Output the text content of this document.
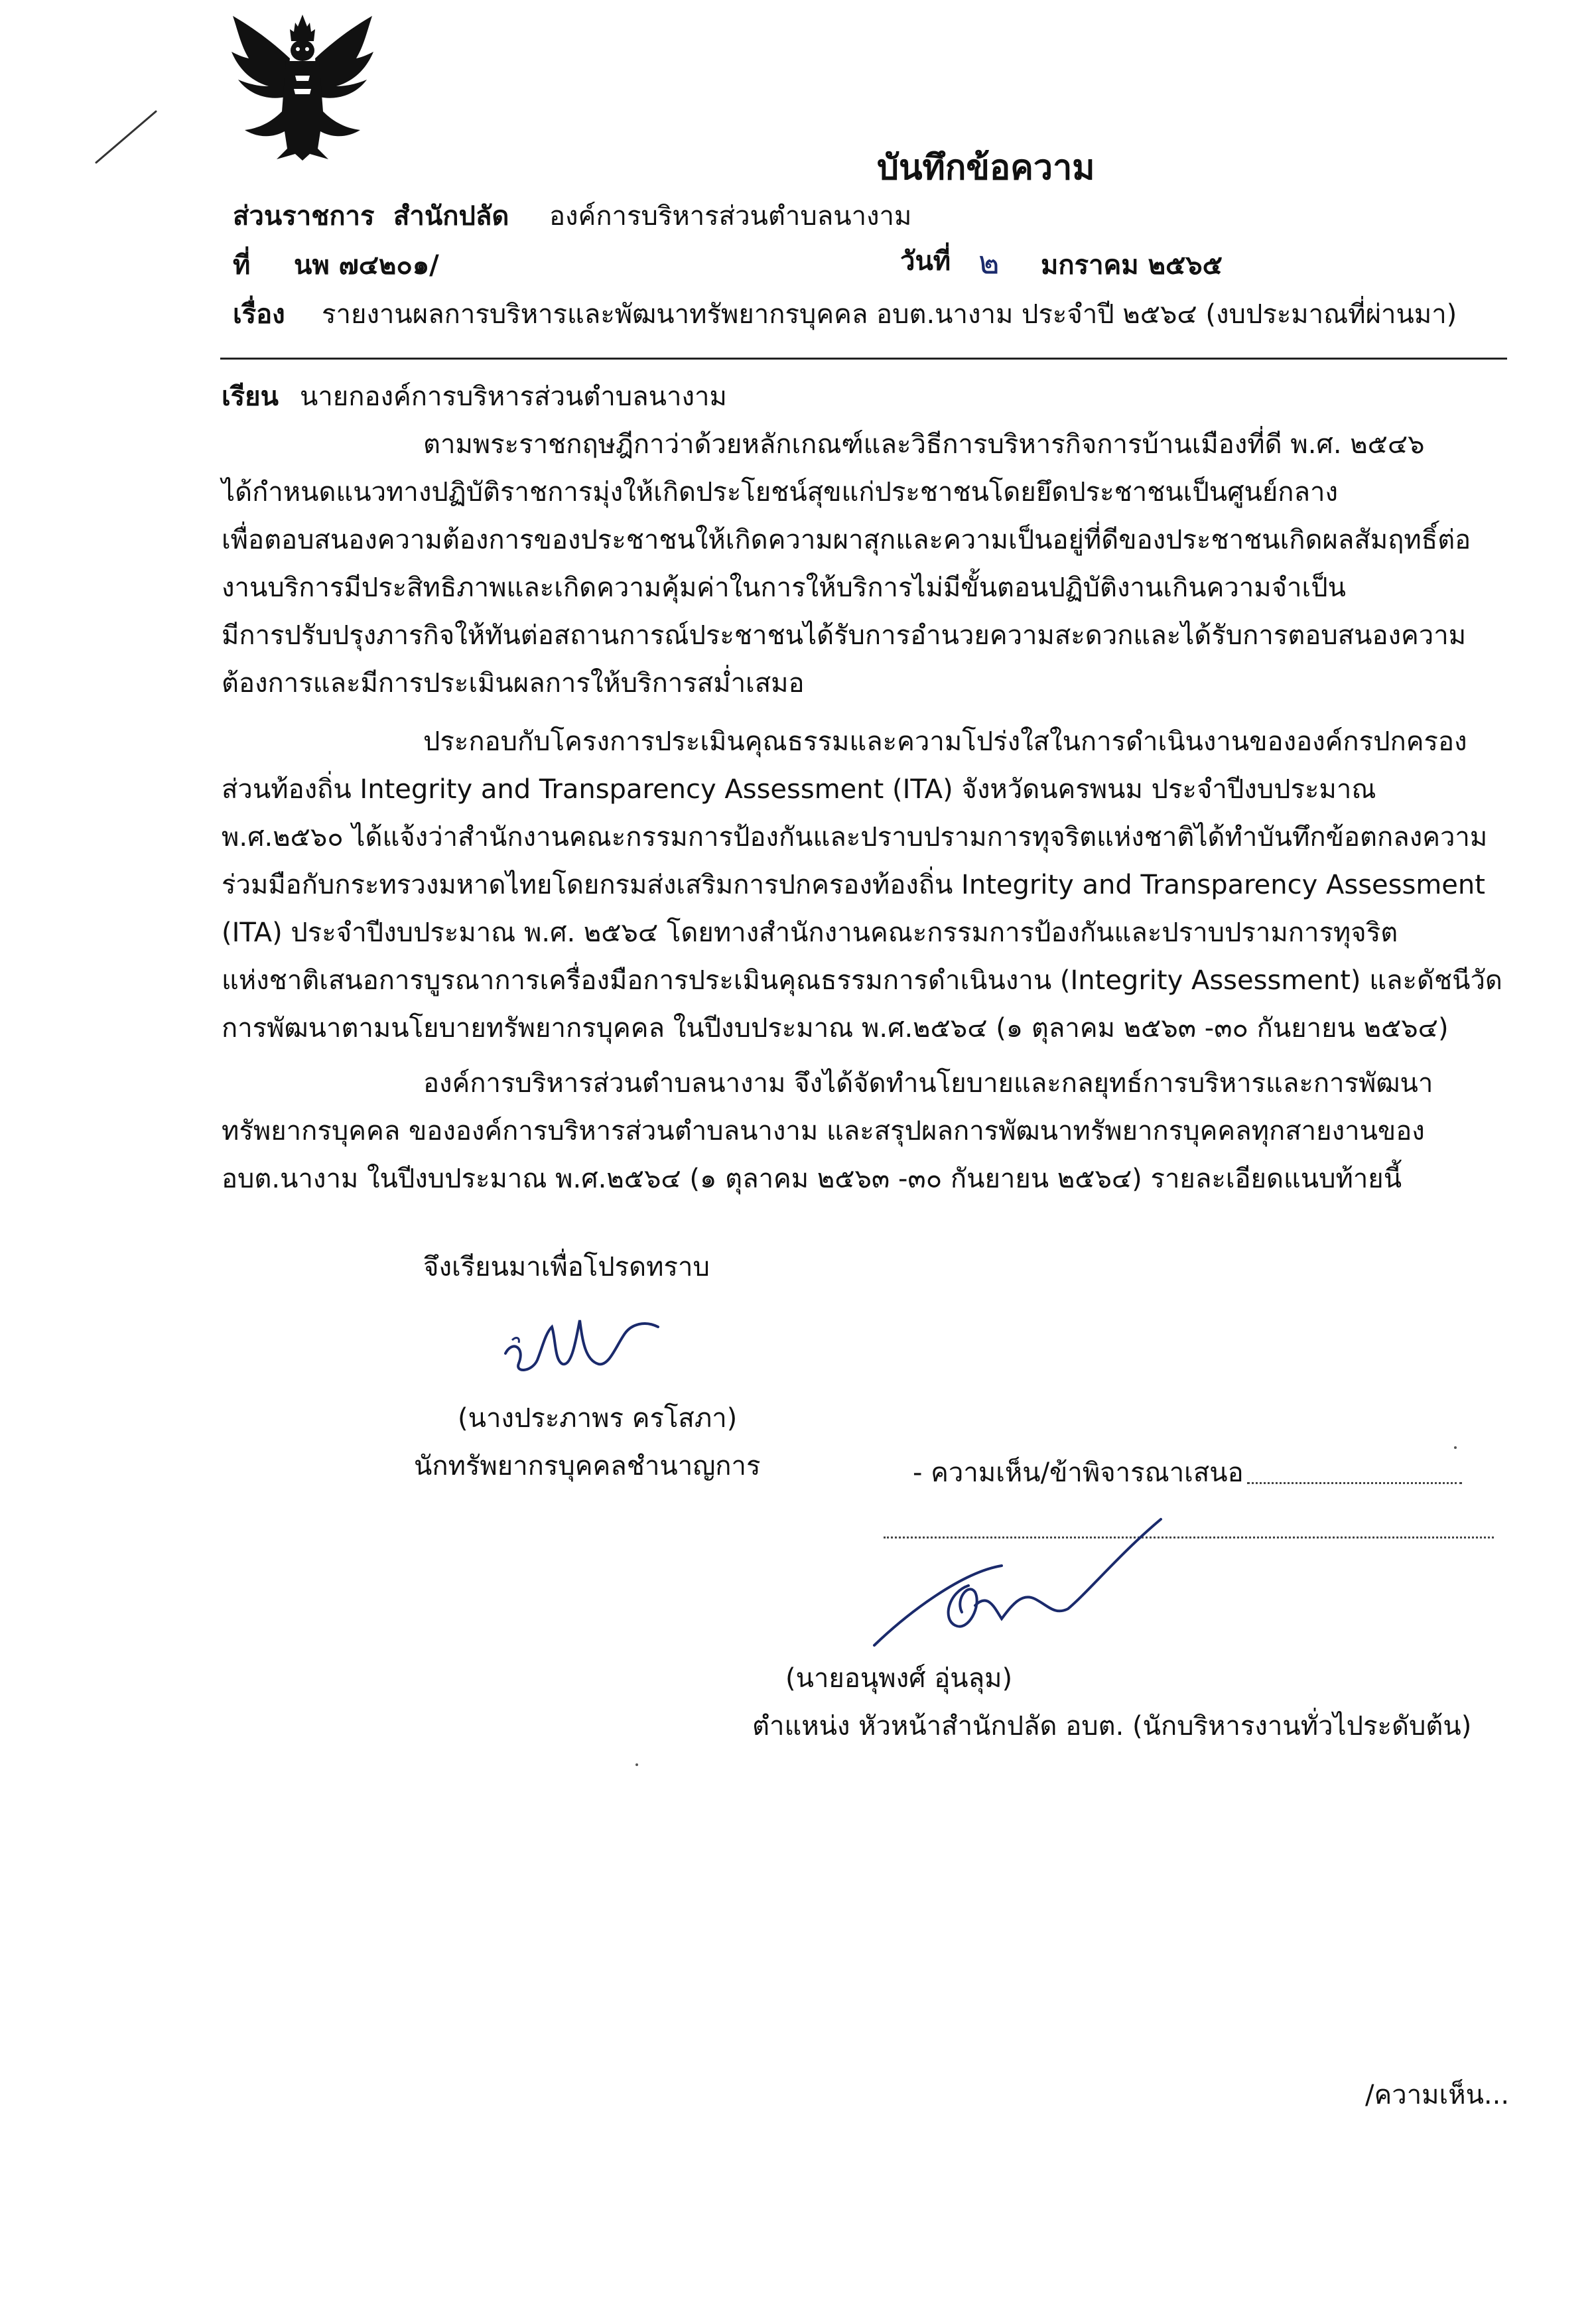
บันทึกข้อความ
ส่วนราชการ สำนักปลัด องค์การบริหารส่วนตำบลนางาม
ที่ นพ ๗๔๒๐๑/	วันที่ ๒ มกราคม ๒๕๖๕
เรื่อง รายงานผลการบริหารและพัฒนาทรัพยากรบุคคล อบต.นางาม ประจำปี ๒๕๖๔ (งบประมาณที่ผ่านมา)
เรียน นายกองค์การบริหารส่วนตำบลนางาม
ตามพระราชกฤษฎีกาว่าด้วยหลักเกณฑ์และวิธีการบริหารกิจการบ้านเมืองที่ดี พ.ศ. ๒๕๔๖
ได้กำหนดแนวทางปฏิบัติราชการมุ่งให้เกิดประโยชน์สุขแก่ประชาชนโดยยึดประชาชนเป็นศูนย์กลาง
เพื่อตอบสนองความต้องการของประชาชนให้เกิดความผาสุกและความเป็นอยู่ที่ดีของประชาชนเกิดผลสัมฤทธิ์ต่อ
งานบริการมีประสิทธิภาพและเกิดความคุ้มค่าในการให้บริการไม่มีขั้นตอนปฏิบัติงานเกินความจำเป็น
มีการปรับปรุงภารกิจให้ทันต่อสถานการณ์ประชาชนได้รับการอำนวยความสะดวกและได้รับการตอบสนองความ
ต้องการและมีการประเมินผลการให้บริการสม่ำเสมอ
ประกอบกับโครงการประเมินคุณธรรมและความโปร่งใสในการดำเนินงานขององค์กรปกครอง
ส่วนท้องถิ่น Integrity and Transparency Assessment (ITA) จังหวัดนครพนม ประจำปีงบประมาณ
พ.ศ.๒๕๖๐ ได้แจ้งว่าสำนักงานคณะกรรมการป้องกันและปราบปรามการทุจริตแห่งชาติได้ทำบันทึกข้อตกลงความ
ร่วมมือกับกระทรวงมหาดไทยโดยกรมส่งเสริมการปกครองท้องถิ่น Integrity and Transparency Assessment
(ITA) ประจำปีงบประมาณ พ.ศ. ๒๕๖๔ โดยทางสำนักงานคณะกรรมการป้องกันและปราบปรามการทุจริต
แห่งชาติเสนอการบูรณาการเครื่องมือการประเมินคุณธรรมการดำเนินงาน (Integrity Assessment) และดัชนีวัด
การพัฒนาตามนโยบายทรัพยากรบุคคล ในปีงบประมาณ พ.ศ.๒๕๖๔ (๑ ตุลาคม ๒๕๖๓ -๓๐ กันยายน ๒๕๖๔)
องค์การบริหารส่วนตำบลนางาม จึงได้จัดทำนโยบายและกลยุทธ์การบริหารและการพัฒนา
ทรัพยากรบุคคล ขององค์การบริหารส่วนตำบลนางาม และสรุปผลการพัฒนาทรัพยากรบุคคลทุกสายงานของ
อบต.นางาม ในปีงบประมาณ พ.ศ.๒๕๖๔ (๑ ตุลาคม ๒๕๖๓ -๓๐ กันยายน ๒๕๖๔) รายละเอียดแนบท้ายนี้
จึงเรียนมาเพื่อโปรดทราบ
(นางประภาพร ครโสภา)
นักทรัพยากรบุคคลชำนาญการ	- ความเห็น/ข้าพิจารณาเสนอ
(นายอนุพงศ์ อุ่นลุม)
ตำแหน่ง หัวหน้าสำนักปลัด อบต. (นักบริหารงานทั่วไประดับต้น)
/ความเห็น...
